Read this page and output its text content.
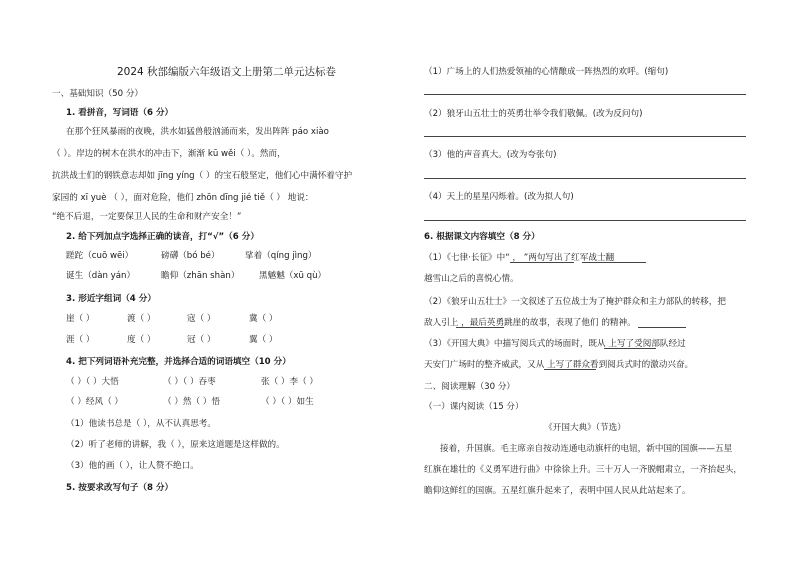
2024 秋部编版六年级语文上册第二单元达标卷
一、基础知识（50 分）
1. 看拼音，写词语（6 分）
在那个狂风暴雨的夜晚，洪水如猛兽般汹涌而来，发出阵阵 páo xiào
（ ）。岸边的树木在洪水的冲击下，渐渐 kū wěi（ ）。然而，
抗洪战士们的钢铁意志却如 jīng yíng（ ）的宝石般坚定，他们心中满怀着守护
家园的 xī yuè （ ），面对危险，他们 zhōn dīng jié tiě（ ） 地说：
“绝不后退，一定要保卫人民的生命和财产安全！”
2. 给下列加点字选择正确的读音，打“√”（6 分）
蹉跎（cuō wēi）	磅礴（bó bé）	挲着（qíng jìng）
诞生（dàn yán）	瞻仰（zhān shàn） 黑魆魆（xū qù）
3. 形近字组词（4 分）
崖（ ）	渡（ ）	寇（ ）	冀（ ）
涯（ ）	度（ ）	冠（ ）	翼（ ）
4. 把下列词语补充完整，并选择合适的词语填空（10 分）
（ ）（ ）大悟	（ ）（ ）吞枣	张（ ）李（ ）
（ ）经风（ ）	（ ）然（ ）悟	（ ）（ ）如生
（1）他读书总是（ ），从不认真思考。
（2）听了老师的讲解，我（ ），原来这道题是这样做的。
（3）他的画（ ），让人赞不绝口。
5. 按要求改写句子（8 分）
（1）广场上的人们热爱领袖的心情酿成一阵热烈的欢呼。(缩句)
（2）狼牙山五壮士的英勇壮举令我们敬佩。(改为反问句)
（3）他的声音真大。(改为夸张句)
（4）天上的星星闪烁着。(改为拟人句)
6. 根据课文内容填空（8 分）
（1）《七律·长征》中“ ， ”两句写出了红军战士翻
越雪山之后的喜悦心情。
（2）《狼牙山五壮士》一文叙述了五位战士为了掩护群众和主力部队的转移，把
敌人引上 ，最后英勇跳崖的故事，表现了他们 的精神。
（3）《开国大典》中描写阅兵式的场面时，既从 上写了受阅部队经过
天安门广场时的整齐威武，又从 上写了群众看到阅兵式时的激动兴奋。
二、阅读理解（30 分）
（一）课内阅读（15 分）
《开国大典》（节选）
接着，升国旗。毛主席亲自按动连通电动旗杆的电钮，新中国的国旗——五星
红旗在雄壮的《义勇军进行曲》中徐徐上升。三十万人一齐脱帽肃立，一齐抬起头，
瞻仰这鲜红的国旗。五星红旗升起来了，表明中国人民从此站起来了。
